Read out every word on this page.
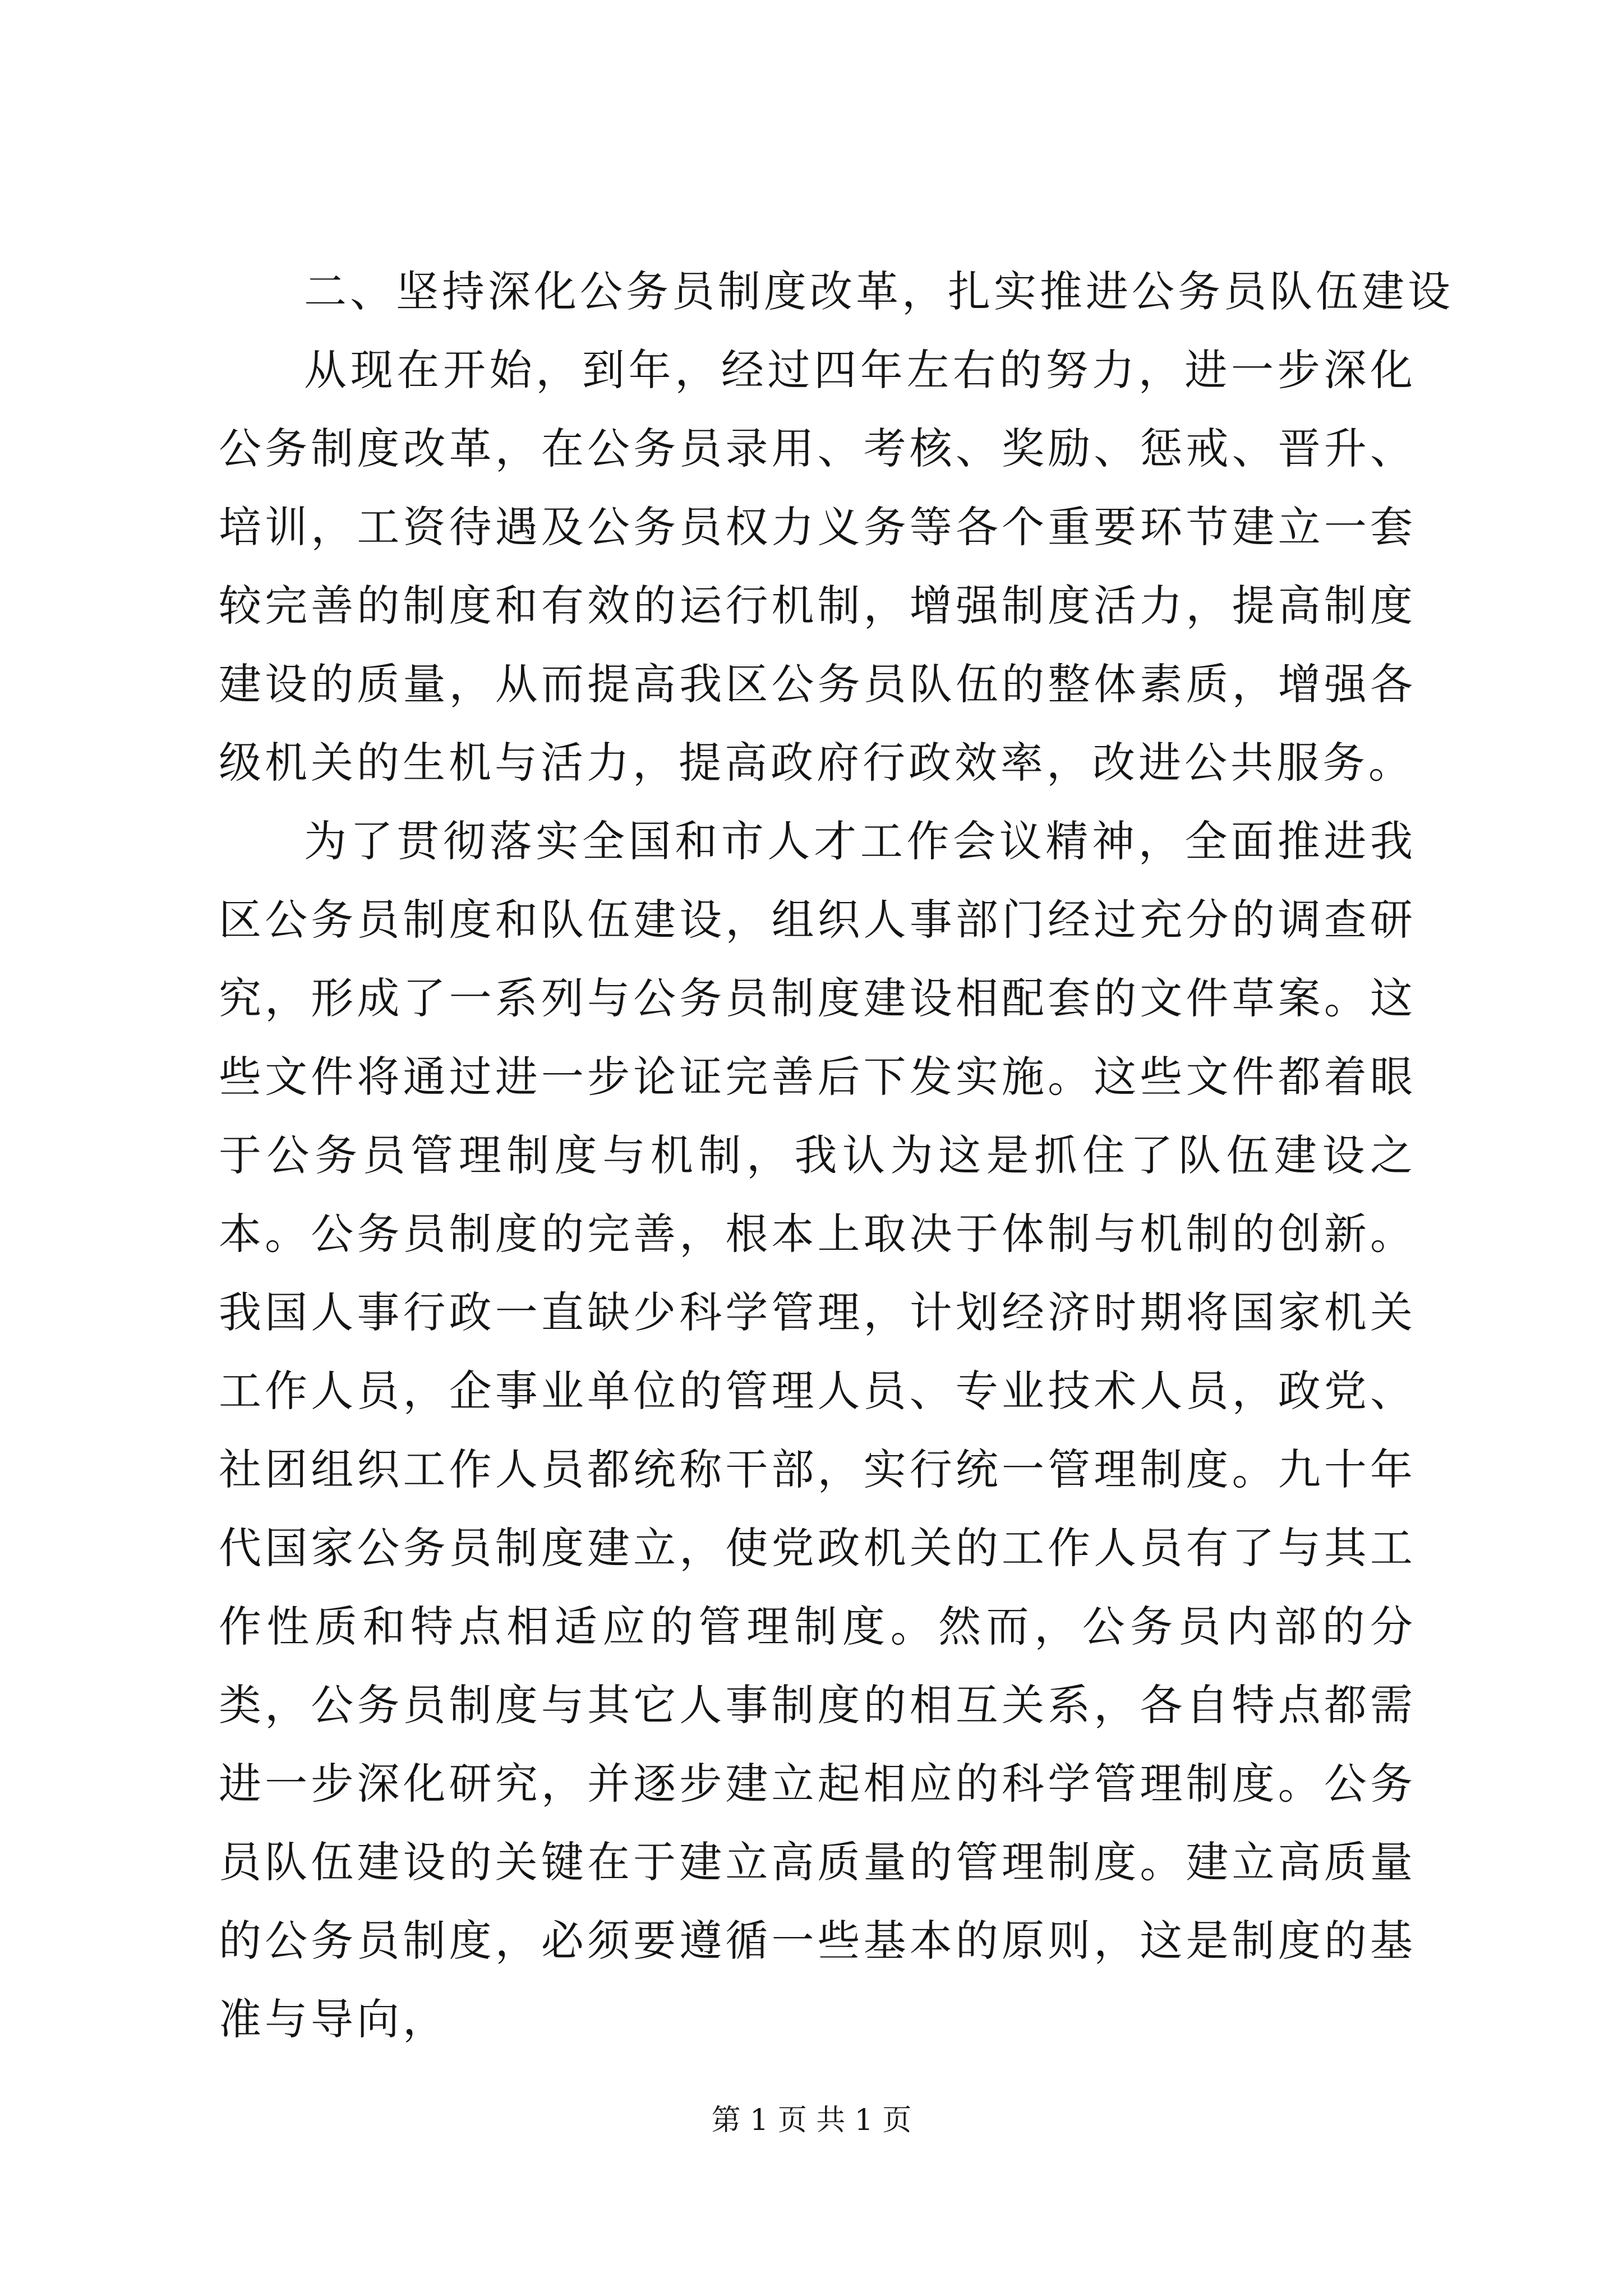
二、坚持深化公务员制度改革，扎实推进公务员队伍建设

从现在开始，到年，经过四年左右的努力，进一步深化公务制度改革，在公务员录用、考核、奖励、惩戒、晋升、培训，工资待遇及公务员权力义务等各个重要环节建立一套较完善的制度和有效的运行机制，增强制度活力，提高制度建设的质量，从而提高我区公务员队伍的整体素质，增强各级机关的生机与活力，提高政府行政效率，改进公共服务。

为了贯彻落实全国和市人才工作会议精神，全面推进我区公务员制度和队伍建设，组织人事部门经过充分的调查研究，形成了一系列与公务员制度建设相配套的文件草案。这些文件将通过进一步论证完善后下发实施。这些文件都着眼于公务员管理制度与机制，我认为这是抓住了队伍建设之本。公务员制度的完善，根本上取决于体制与机制的创新。我国人事行政一直缺少科学管理，计划经济时期将国家机关工作人员，企事业单位的管理人员、专业技术人员，政党、社团组织工作人员都统称干部，实行统一管理制度。九十年代国家公务员制度建立，使党政机关的工作人员有了与其工作性质和特点相适应的管理制度。然而，公务员内部的分类，公务员制度与其它人事制度的相互关系，各自特点都需进一步深化研究，并逐步建立起相应的科学管理制度。公务员队伍建设的关键在于建立高质量的管理制度。建立高质量的公务员制度，必须要遵循一些基本的原则，这是制度的基准与导向，

第 1 页 共 1 页
